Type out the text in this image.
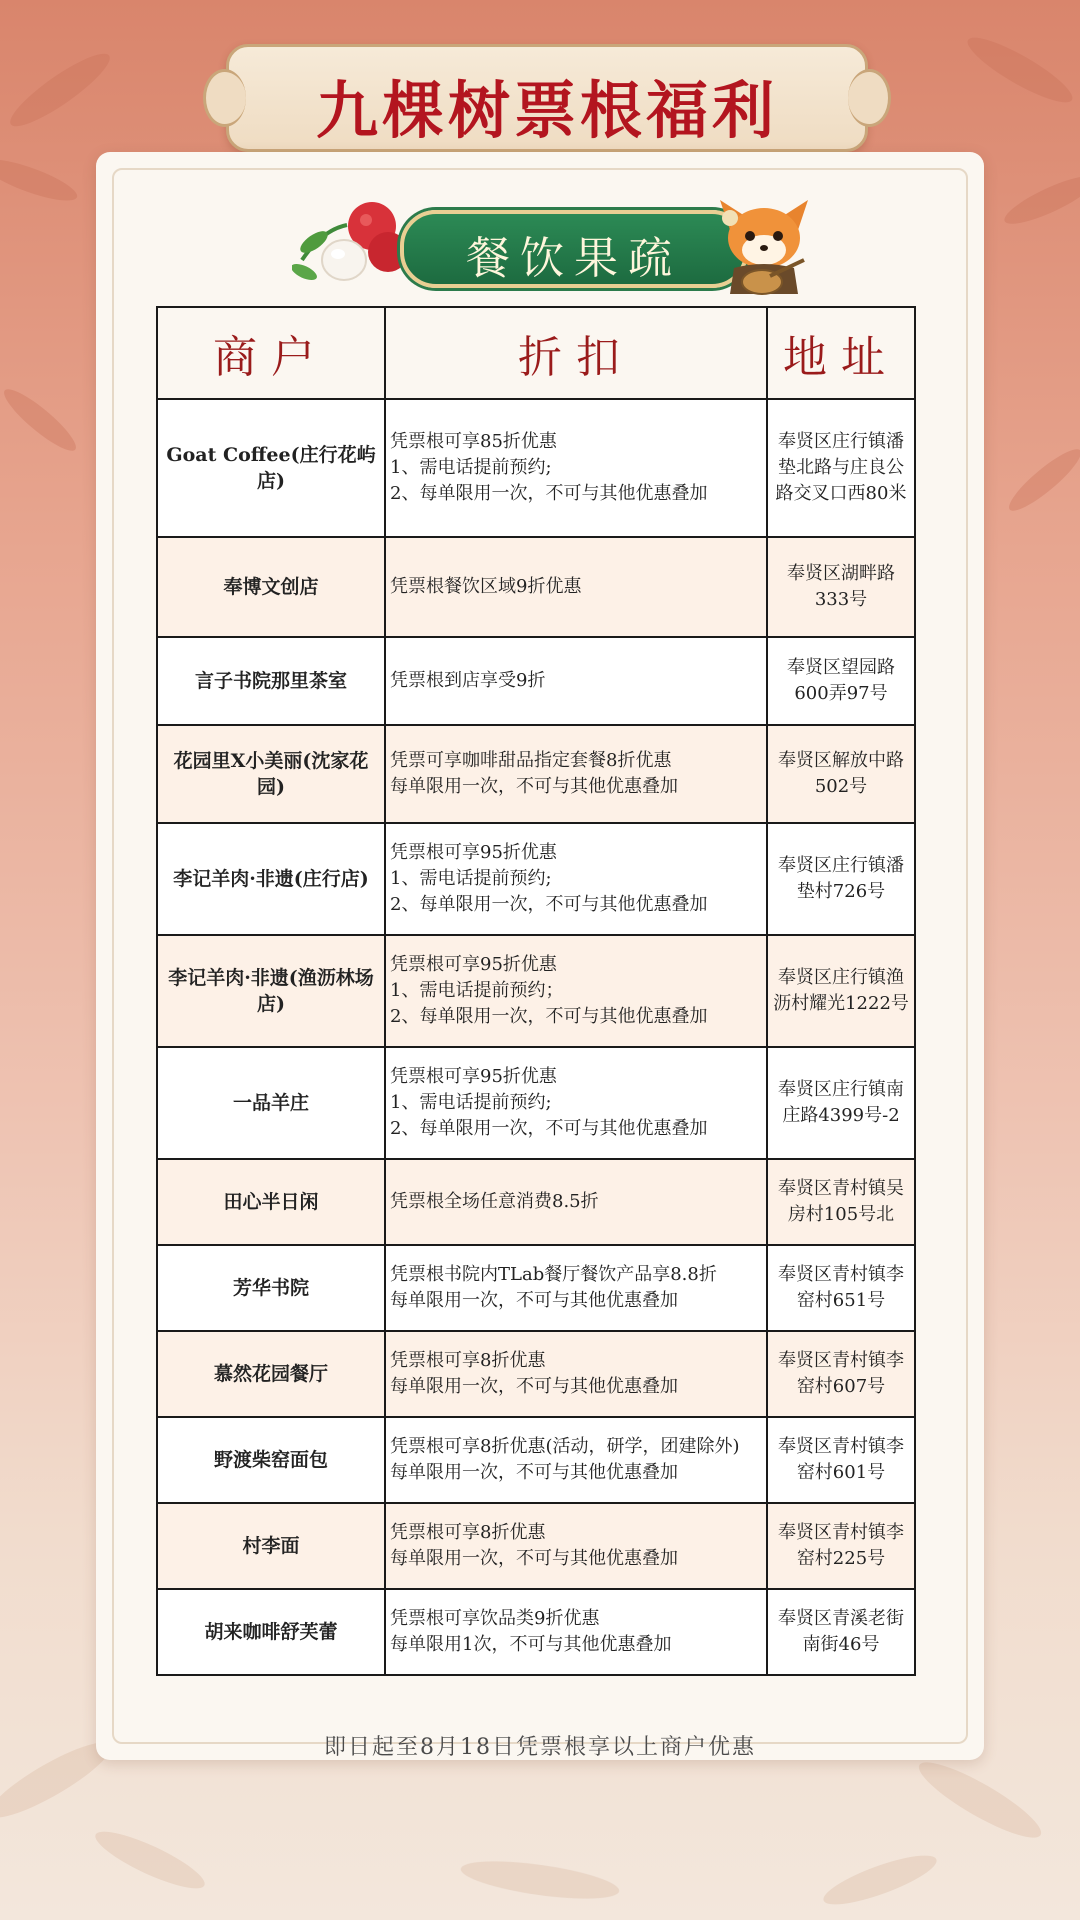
九棵树票根福利
餐饮果疏
商户	折扣	地址
Goat Coffee(庄行花屿店)	凭票根可享85折优惠
1、需电话提前预约;
2、每单限用一次，不可与其他优惠叠加	奉贤区庄行镇潘垫北路与庄良公路交叉口西80米
奉博文创店	凭票根餐饮区域9折优惠	奉贤区湖畔路333号
言子书院那里茶室	凭票根到店享受9折	奉贤区望园路600弄97号
花园里X小美丽(沈家花园)	凭票可享咖啡甜品指定套餐8折优惠
每单限用一次，不可与其他优惠叠加	奉贤区解放中路502号
李记羊肉·非遗(庄行店)	凭票根可享95折优惠
1、需电话提前预约;
2、每单限用一次，不可与其他优惠叠加	奉贤区庄行镇潘垫村726号
李记羊肉·非遗(渔沥林场店)	凭票根可享95折优惠
1、需电话提前预约；
2、每单限用一次，不可与其他优惠叠加	奉贤区庄行镇渔沥村耀光1222号
一品羊庄	凭票根可享95折优惠
1、需电话提前预约;
2、每单限用一次，不可与其他优惠叠加	奉贤区庄行镇南庄路4399号-2
田心半日闲	凭票根全场任意消费8.5折	奉贤区青村镇吴房村105号北
芳华书院	凭票根书院内TLab餐厅餐饮产品享8.8折
每单限用一次，不可与其他优惠叠加	奉贤区青村镇李窑村651号
慕然花园餐厅	凭票根可享8折优惠
每单限用一次，不可与其他优惠叠加	奉贤区青村镇李窑村607号
野渡柴窑面包	凭票根可享8折优惠(活动，研学，团建除外)
每单限用一次，不可与其他优惠叠加	奉贤区青村镇李窑村601号
村李面	凭票根可享8折优惠
每单限用一次，不可与其他优惠叠加	奉贤区青村镇李窑村225号
胡来咖啡舒芙蕾	凭票根可享饮品类9折优惠
每单限用1次，不可与其他优惠叠加	奉贤区青溪老街南街46号
即日起至8月18日凭票根享以上商户优惠
